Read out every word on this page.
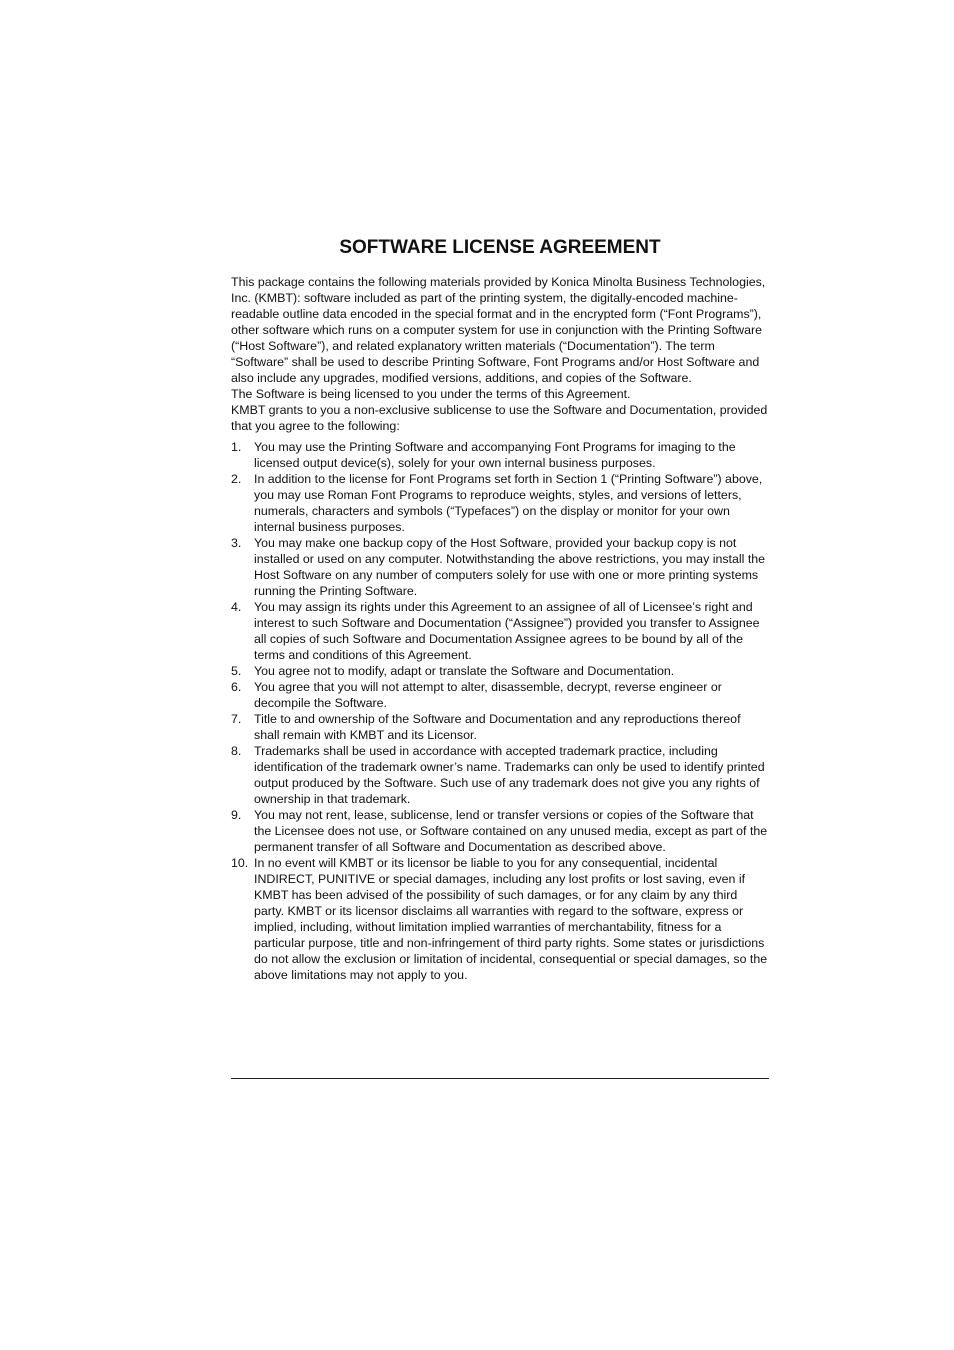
SOFTWARE LICENSE AGREEMENT

This package contains the following materials provided by Konica Minolta Business Technologies, Inc. (KMBT): software included as part of the printing system, the digitally-encoded machine-readable outline data encoded in the special format and in the encrypted form (“Font Programs”), other software which runs on a computer system for use in conjunction with the Printing Software (“Host Software”), and related explanatory written materials (“Documentation”). The term “Software” shall be used to describe Printing Software, Font Programs and/or Host Software and also include any upgrades, modified versions, additions, and copies of the Software.

The Software is being licensed to you under the terms of this Agreement.

KMBT grants to you a non-exclusive sublicense to use the Software and Documentation, provided that you agree to the following:

1.	You may use the Printing Software and accompanying Font Programs for imaging to the licensed output device(s), solely for your own internal business purposes.
2.	In addition to the license for Font Programs set forth in Section 1 (“Printing Software”) above, you may use Roman Font Programs to reproduce weights, styles, and versions of letters, numerals, characters and symbols (“Typefaces”) on the display or monitor for your own internal business purposes.
3.	You may make one backup copy of the Host Software, provided your backup copy is not installed or used on any computer. Notwithstanding the above restrictions, you may install the Host Software on any number of computers solely for use with one or more printing systems running the Printing Software.
4.	You may assign its rights under this Agreement to an assignee of all of Licensee’s right and interest to such Software and Documentation (“Assignee”) provided you transfer to Assignee all copies of such Software and Documentation Assignee agrees to be bound by all of the terms and conditions of this Agreement.
5.	You agree not to modify, adapt or translate the Software and Documentation.
6.	You agree that you will not attempt to alter, disassemble, decrypt, reverse engineer or decompile the Software.
7.	Title to and ownership of the Software and Documentation and any reproductions thereof shall remain with KMBT and its Licensor.
8.	Trademarks shall be used in accordance with accepted trademark practice, including identification of the trademark owner’s name. Trademarks can only be used to identify printed output produced by the Software. Such use of any trademark does not give you any rights of ownership in that trademark.
9.	You may not rent, lease, sublicense, lend or transfer versions or copies of the Software that the Licensee does not use, or Software contained on any unused media, except as part of the permanent transfer of all Software and Documentation as described above.
10. In no event will KMBT or its licensor be liable to you for any consequential, incidental INDIRECT, PUNITIVE or special damages, including any lost profits or lost saving, even if KMBT has been advised of the possibility of such damages, or for any claim by any third party. KMBT or its licensor disclaims all warranties with regard to the software, express or implied, including, without limitation implied warranties of merchantability, fitness for a particular purpose, title and non-infringement of third party rights. Some states or jurisdictions do not allow the exclusion or limitation of incidental, consequential or special damages, so the above limitations may not apply to you.
